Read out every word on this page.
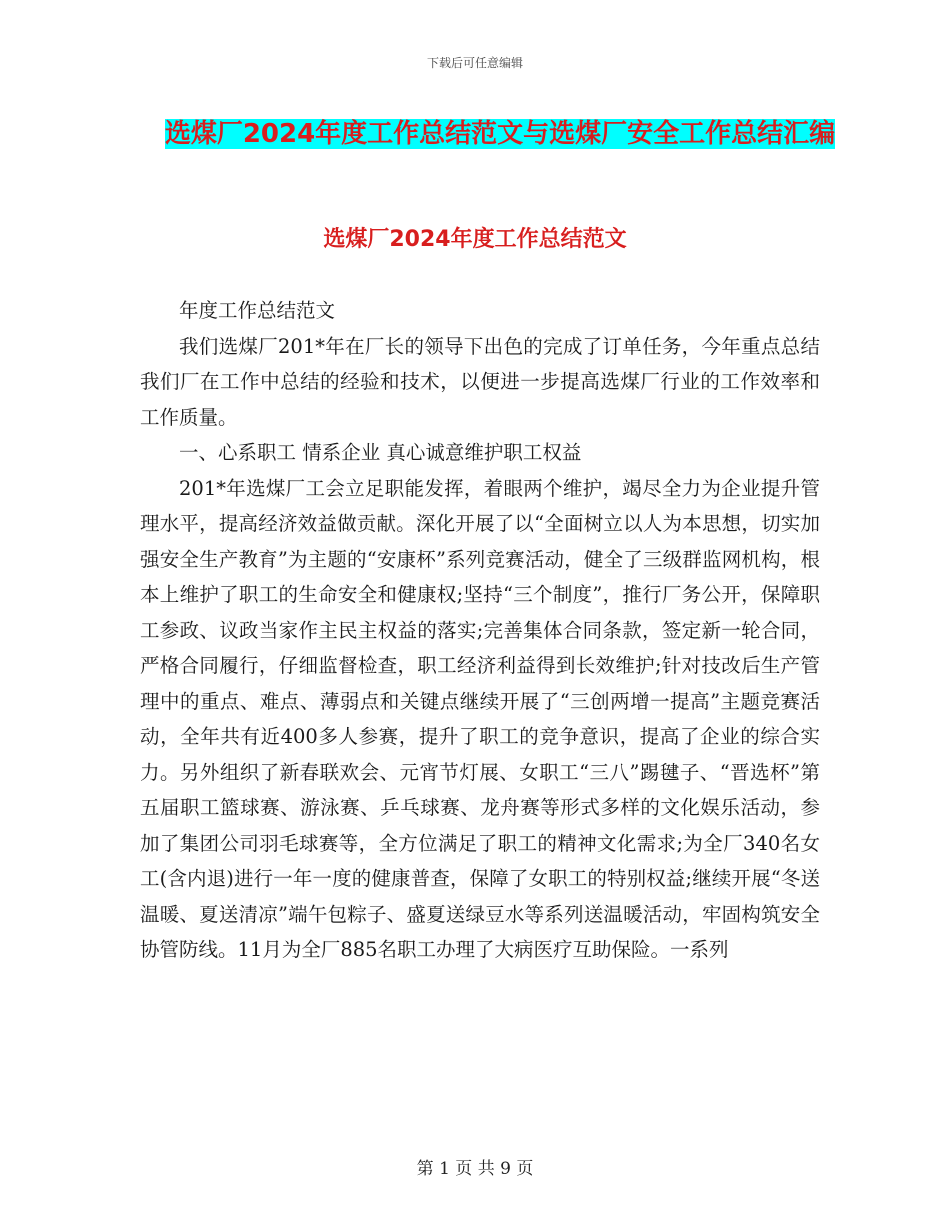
下载后可任意编辑
选煤厂2024年度工作总结范文与选煤厂安全工作总结汇编
选煤厂2024年度工作总结范文

年度工作总结范文

我们选煤厂201*年在厂长的领导下出色的完成了订单任务，今年重点总结我们厂在工作中总结的经验和技术，以便进一步提高选煤厂行业的工作效率和工作质量。

一、心系职工 情系企业 真心诚意维护职工权益

201*年选煤厂工会立足职能发挥，着眼两个维护，竭尽全力为企业提升管理水平，提高经济效益做贡献。深化开展了以“全面树立以人为本思想，切实加强安全生产教育”为主题的“安康杯”系列竞赛活动，健全了三级群监网机构，根本上维护了职工的生命安全和健康权;坚持“三个制度”，推行厂务公开，保障职工参政、议政当家作主民主权益的落实;完善集体合同条款，签定新一轮合同，严格合同履行，仔细监督检查，职工经济利益得到长效维护;针对技改后生产管理中的重点、难点、薄弱点和关键点继续开展了“三创两增一提高”主题竞赛活动，全年共有近400多人参赛，提升了职工的竞争意识，提高了企业的综合实力。另外组织了新春联欢会、元宵节灯展、女职工“三八”踢毽子、“晋选杯”第五届职工篮球赛、游泳赛、乒乓球赛、龙舟赛等形式多样的文化娱乐活动，参加了集团公司羽毛球赛等，全方位满足了职工的精神文化需求;为全厂340名女工(含内退)进行一年一度的健康普查，保障了女职工的特别权益;继续开展“冬送温暖、夏送清凉”端午包粽子、盛夏送绿豆水等系列送温暖活动，牢固构筑安全协管防线。11月为全厂885名职工办理了大病医疗互助保险。一系列

第 1 页 共 9 页
